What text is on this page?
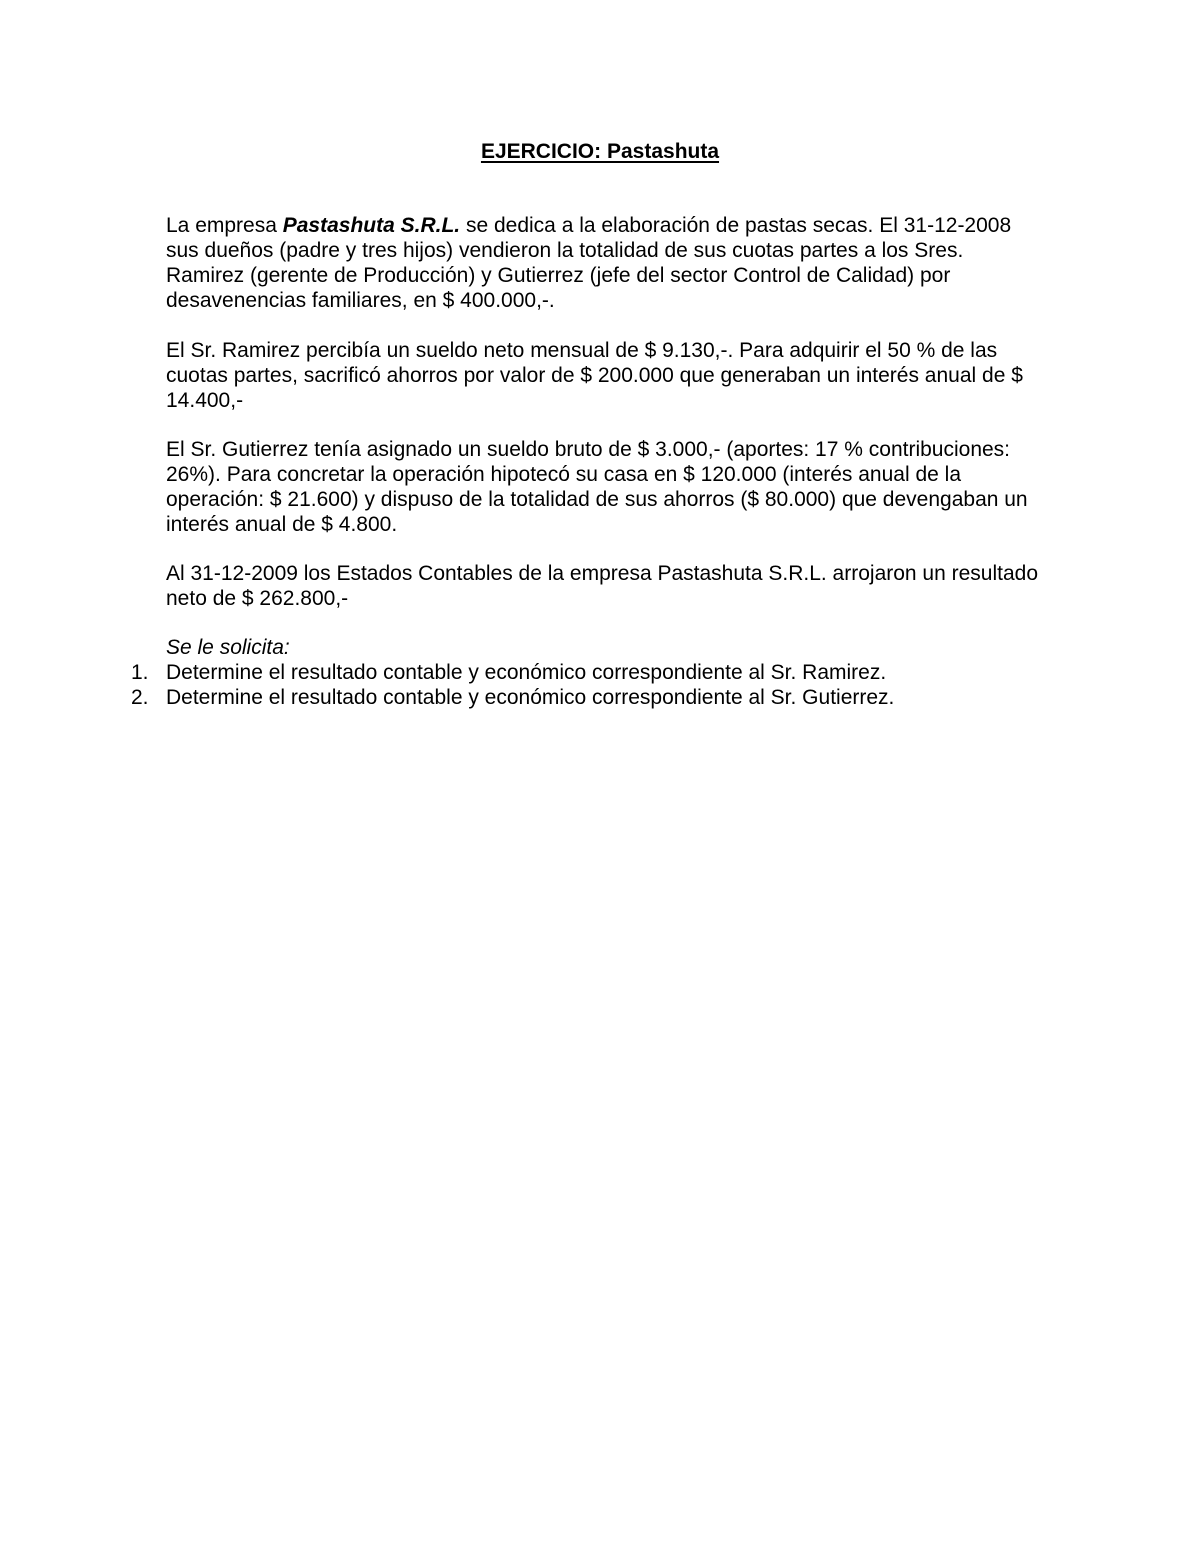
EJERCICIO: Pastashuta

La empresa Pastashuta S.R.L. se dedica a la elaboración de pastas secas. El 31-12-2008 sus dueños (padre y tres hijos) vendieron la totalidad de sus cuotas partes a los Sres. Ramirez (gerente de Producción) y Gutierrez (jefe del sector Control de Calidad) por desavenencias familiares, en $ 400.000,-.

El Sr. Ramirez percibía un sueldo neto mensual de $ 9.130,-. Para adquirir el 50 % de las cuotas partes, sacrificó ahorros por valor de $ 200.000 que generaban un interés anual de $ 14.400,-

El Sr. Gutierrez tenía asignado un sueldo bruto de $ 3.000,- (aportes: 17 % contribuciones: 26%). Para concretar la operación hipotecó su casa en $ 120.000 (interés anual de la operación: $ 21.600) y dispuso de la totalidad de sus ahorros ($ 80.000) que devengaban un interés anual de $ 4.800.

Al 31-12-2009 los Estados Contables de la empresa Pastashuta S.R.L. arrojaron un resultado neto de $ 262.800,-

Se le solicita:
1. Determine el resultado contable y económico correspondiente al Sr. Ramirez.
2. Determine el resultado contable y económico correspondiente al Sr. Gutierrez.
